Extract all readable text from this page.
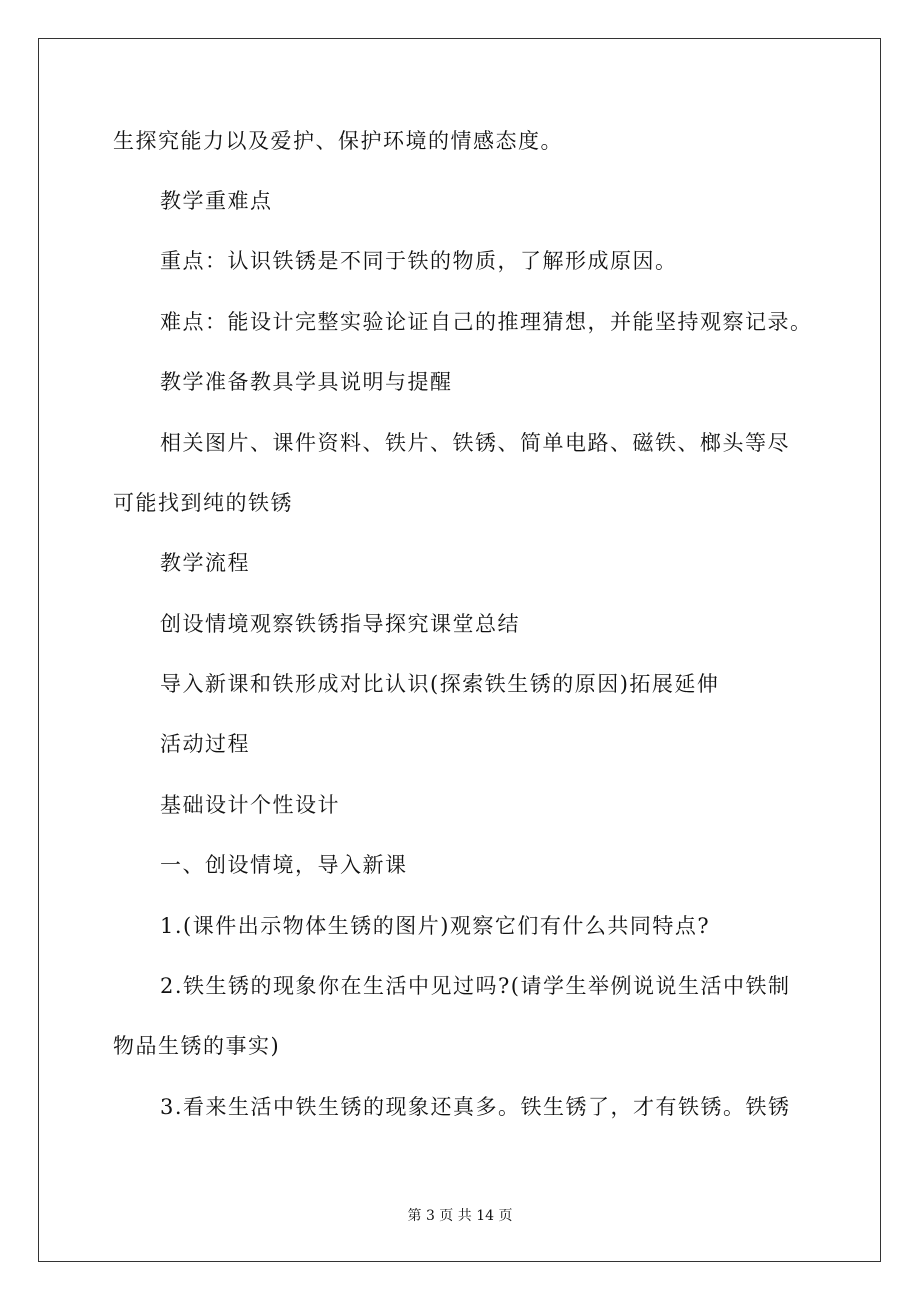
生探究能力以及爱护、保护环境的情感态度。
教学重难点
重点：认识铁锈是不同于铁的物质，了解形成原因。
难点：能设计完整实验论证自己的推理猜想，并能坚持观察记录。
教学准备教具学具说明与提醒
相关图片、课件资料、铁片、铁锈、简单电路、磁铁、榔头等尽
可能找到纯的铁锈
教学流程
创设情境观察铁锈指导探究课堂总结
导入新课和铁形成对比认识(探索铁生锈的原因)拓展延伸
活动过程
基础设计个性设计
一、创设情境，导入新课
1.(课件出示物体生锈的图片)观察它们有什么共同特点?
2.铁生锈的现象你在生活中见过吗?(请学生举例说说生活中铁制
物品生锈的事实)
3.看来生活中铁生锈的现象还真多。铁生锈了，才有铁锈。铁锈
第 3 页 共 14 页
